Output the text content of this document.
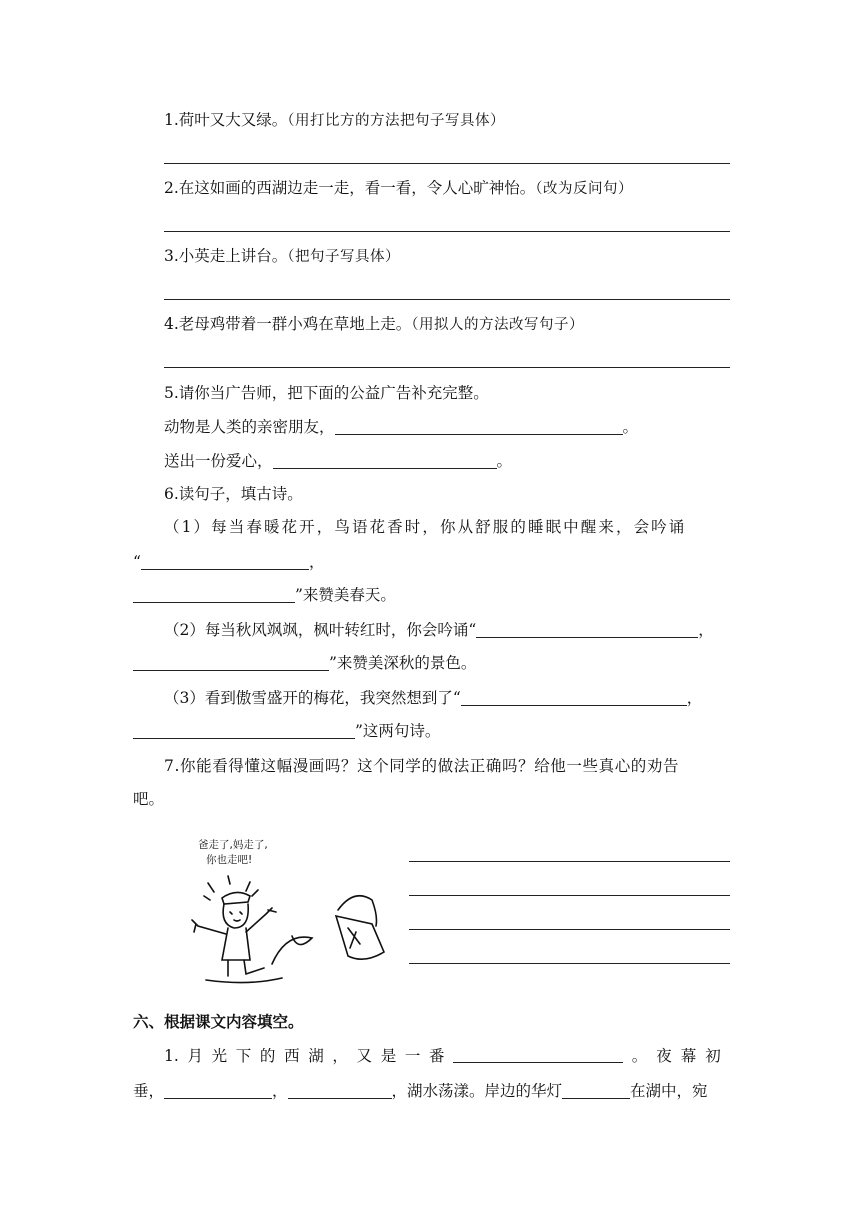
1.荷叶又大又绿。（用打比方的方法把句子写具体）
2.在这如画的西湖边走一走，看一看，令人心旷神怡。（改为反问句）
3.小英走上讲台。（把句子写具体）
4.老母鸡带着一群小鸡在草地上走。（用拟人的方法改写句子）
5.请你当广告师，把下面的公益广告补充完整。
动物是人类的亲密朋友，	。
送出一份爱心，	。
6.读句子，填古诗。
（1）每当春暖花开，鸟语花香时，你从舒服的睡眠中醒来，会吟诵
“	，
”来赞美春天。
（2）每当秋风飒飒，枫叶转红时，你会吟诵“	，
”来赞美深秋的景色。
（3）看到傲雪盛开的梅花，我突然想到了“	，
”这两句诗。
7.你能看得懂这幅漫画吗？这个同学的做法正确吗？给他一些真心的劝告
吧。
爸走了,妈走了,
你也走吧!
六、根据课文内容填空。
1. 月 光 下 的 西 湖 ， 又 是 一 番	。夜幕初
垂，	，	，湖水荡漾。岸边的华灯	在湖中，宛
